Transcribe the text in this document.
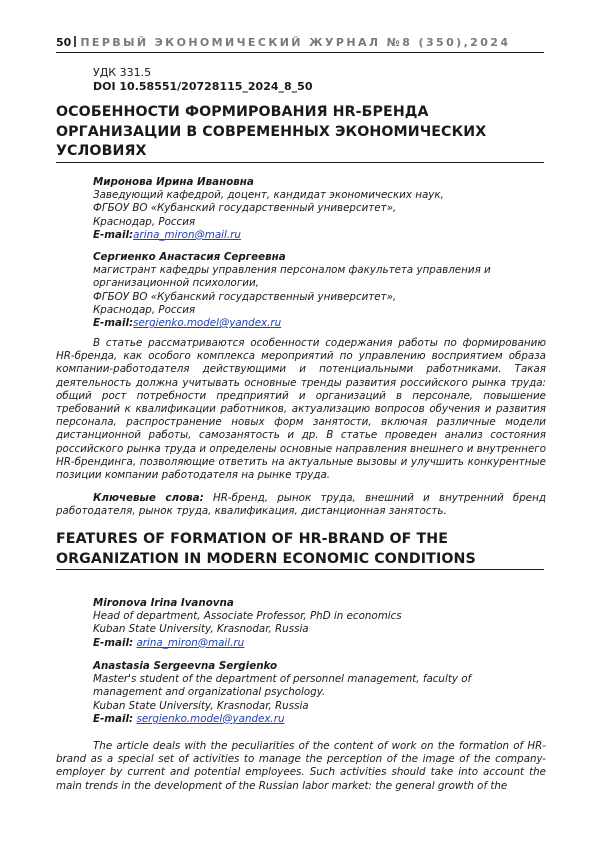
50 ПЕРВЫЙ ЭКОНОМИЧЕСКИЙ ЖУРНАЛ №8 (350),2024
УДК 331.5
DOI 10.58551/20728115_2024_8_50
ОСОБЕННОСТИ ФОРМИРОВАНИЯ HR-БРЕНДА ОРГАНИЗАЦИИ В СОВРЕМЕННЫХ ЭКОНОМИЧЕСКИХ УСЛОВИЯХ
Миронова Ирина Ивановна
Заведующий кафедрой, доцент, кандидат экономических наук,
ФГБОУ ВО «Кубанский государственный университет»,
Краснодар, Россия
E-mail:arina_miron@mail.ru
Сергиенко Анастасия Сергеевна
магистрант кафедры управления персоналом факультета управления и
организационной психологии,
ФГБОУ ВО «Кубанский государственный университет»,
Краснодар, Россия
E-mail:sergienko.model@yandex.ru

В статье рассматриваются особенности содержания работы по формированию HR-бренда, как особого комплекса мероприятий по управлению восприятием образа компании-работодателя действующими и потенциальными работниками. Такая деятельность должна учитывать основные тренды развития российского рынка труда: общий рост потребности предприятий и организаций в персонале, повышение требований к квалификации работников, актуализацию вопросов обучения и развития персонала, распространение новых форм занятости, включая различные модели дистанционной работы, самозанятость и др. В статье проведен анализ состояния российского рынка труда и определены основные направления внешнего и внутреннего HR-брендинга, позволяющие ответить на актуальные вызовы и улучшить конкурентные позиции компании работодателя на рынке труда.

Ключевые слова: HR-бренд, рынок труда, внешний и внутренний бренд работодателя, рынок труда, квалификация, дистанционная занятость.

FEATURES OF FORMATION OF HR-BRAND OF THE ORGANIZATION IN MODERN ECONOMIC CONDITIONS
Mironova Irina Ivanovna
Head of department, Associate Professor, PhD in economics
Kuban State University, Krasnodar, Russia
E-mail: arina_miron@mail.ru
Anastasia Sergeevna Sergienko
Master's student of the department of personnel management, faculty of
management and organizational psychology.
Kuban State University, Krasnodar, Russia
E-mail: sergienko.model@yandex.ru

The article deals with the peculiarities of the content of work on the formation of HR-brand as a special set of activities to manage the perception of the image of the company-employer by current and potential employees. Such activities should take into account the main trends in the development of the Russian labor market: the general growth of the
